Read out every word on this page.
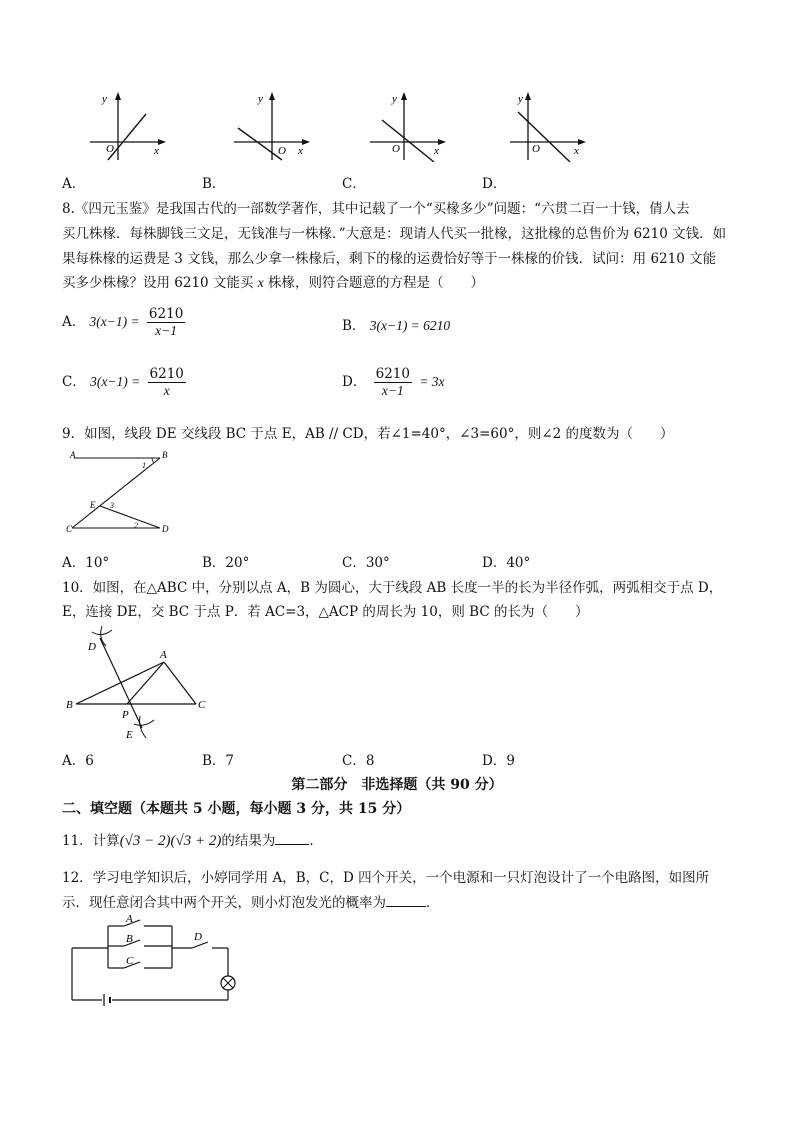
y
x
O
y
x
O
y
x
O
y
x
O
A．	B．	C．	D．
8.《四元玉鉴》是我国古代的一部数学著作，其中记载了一个“买椽多少”问题：“六贯二百一十钱，倩人去
买几株椽．每株脚钱三文足，无钱准与一株椽．”大意是：现请人代买一批椽，这批椽的总售价为 6210 文钱．如
果每株椽的运费是 3 文钱，那么少拿一株椽后，剩下的椽的运费恰好等于一株椽的价钱．试问：用 6210 文能
买多少株椽？设用 6210 文能买 x 株椽，则符合题意的方程是（　　）
A． $3(x-1) = \frac{6210}{x-1}$	B． 3(x−1) = 6210
C． $3(x-1) = \frac{6210}{x}$	D． $\frac{6210}{x-1} = 3x$
9．如图，线段 DE 交线段 BC 于点 E，AB // CD，若∠1=40°，∠3=60°，则∠2 的度数为（　　）
A	B
C	D
E
1
2
3
A．10°	B．20°	C．30°	D．40°
10．如图，在△ABC 中，分别以点 A，B 为圆心，大于线段 AB 长度一半的长为半径作弧，两弧相交于点 D，
E，连接 DE，交 BC 于点 P．若 AC=3，△ACP 的周长为 10，则 BC 的长为（　　）
D
A
B	C
P
E
A．6	B．7	C．8	D．9
第二部分　非选择题（共 90 分）
二、填空题（本题共 5 小题，每小题 3 分，共 15 分）
11．计算(√3 − 2)(√3 + 2)的结果为	．
12．学习电学知识后，小婷同学用 A，B，C，D 四个开关，一个电源和一只灯泡设计了一个电路图，如图所
示．现任意闭合其中两个开关，则小灯泡发光的概率为	．
A
B
C
D
